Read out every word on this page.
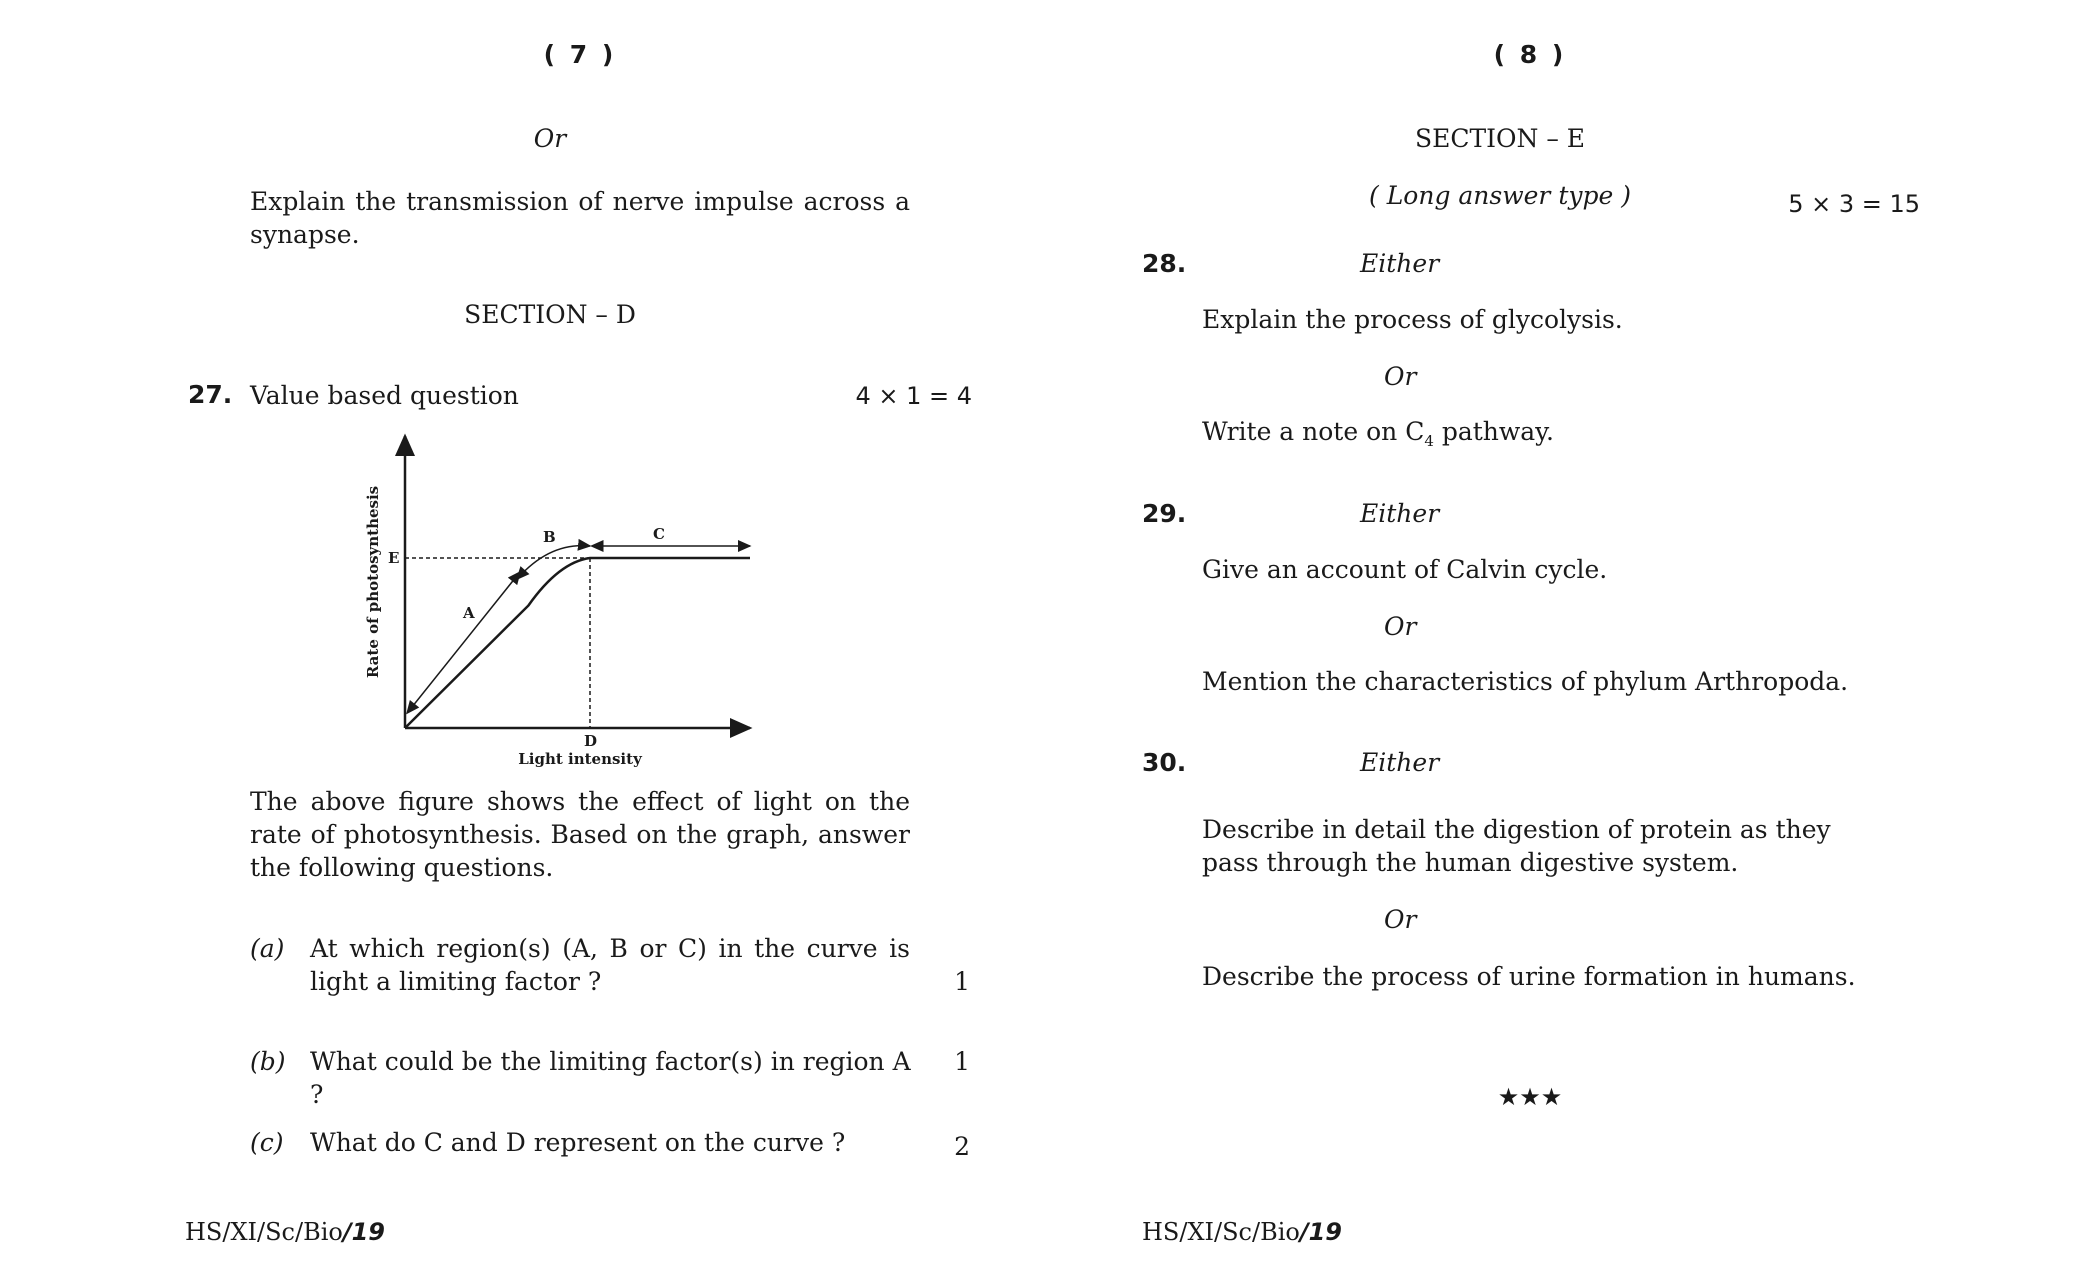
( 7 )
Or
Explain the transmission of nerve impulse across a synapse.
SECTION – D
27. Value based question	4 × 1 = 4
A
B	C
D
E
Light intensity
Rate of photosynthesis
The above figure shows the effect of light on the rate of photosynthesis. Based on the graph, answer the following questions.
(a) At which region(s) (A, B or C) in the curve is light a limiting factor ?	1
(b) What could be the limiting factor(s) in region A ?
1
(c) What do C and D represent on the curve ?	2
HS/XI/Sc/Bio/19
( 8 )
SECTION – E
( Long answer type )	5 × 3 = 15
28.	Either
Explain the process of glycolysis.
Or
Write a note on $C_4$ pathway.
29.	Either
Give an account of Calvin cycle.
Or
Mention the characteristics of phylum Arthropoda.
30.	Either
Describe in detail the digestion of protein as they pass through the human digestive system.
Or
Describe the process of urine formation in humans.
★★★
HS/XI/Sc/Bio/19
